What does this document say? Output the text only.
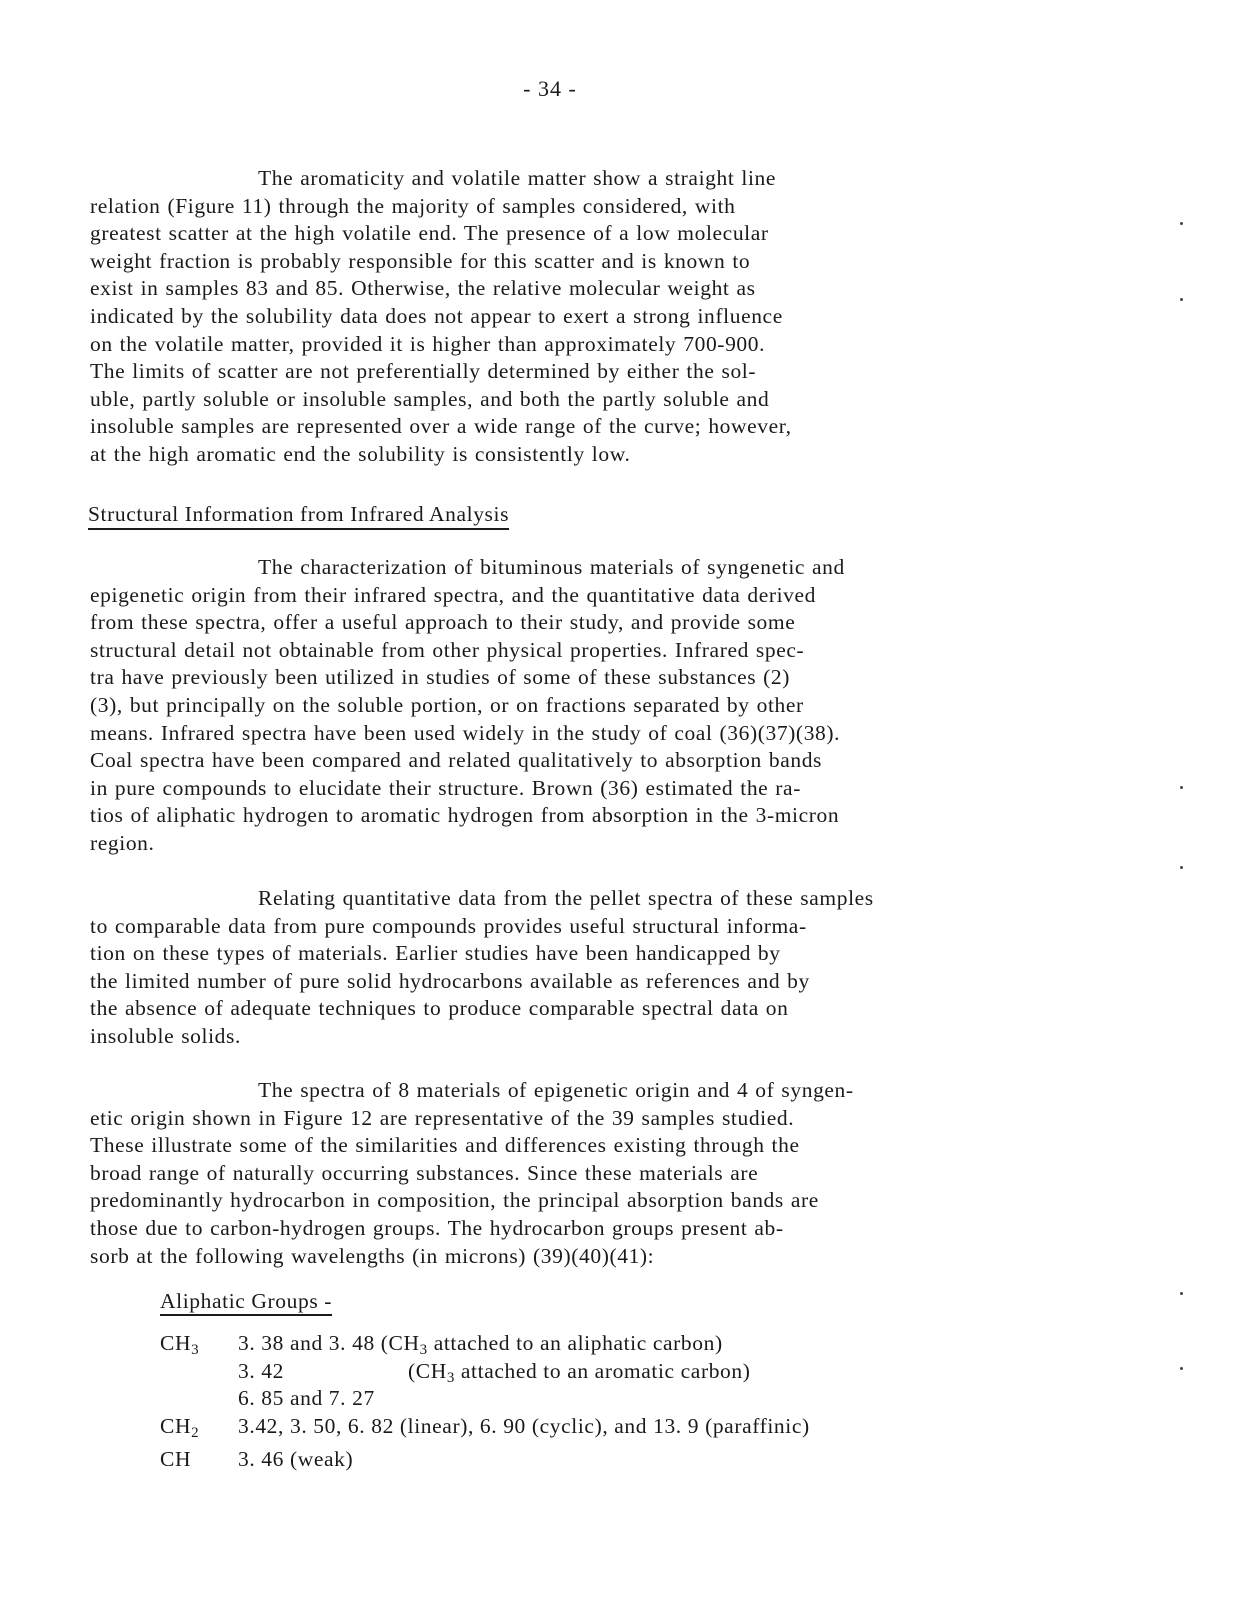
- 34 -
The aromaticity and volatile matter show a straight line
relation (Figure 11) through the majority of samples considered, with
greatest scatter at the high volatile end. The presence of a low molecular
weight fraction is probably responsible for this scatter and is known to
exist in samples 83 and 85. Otherwise, the relative molecular weight as
indicated by the solubility data does not appear to exert a strong influence
on the volatile matter, provided it is higher than approximately 700-900.
The limits of scatter are not preferentially determined by either the sol-
uble, partly soluble or insoluble samples, and both the partly soluble and
insoluble samples are represented over a wide range of the curve; however,
at the high aromatic end the solubility is consistently low.
Structural Information from Infrared Analysis
The characterization of bituminous materials of syngenetic and
epigenetic origin from their infrared spectra, and the quantitative data derived
from these spectra, offer a useful approach to their study, and provide some
structural detail not obtainable from other physical properties. Infrared spec-
tra have previously been utilized in studies of some of these substances (2)
(3), but principally on the soluble portion, or on fractions separated by other
means. Infrared spectra have been used widely in the study of coal (36)(37)(38).
Coal spectra have been compared and related qualitatively to absorption bands
in pure compounds to elucidate their structure. Brown (36) estimated the ra-
tios of aliphatic hydrogen to aromatic hydrogen from absorption in the 3-micron
region.
Relating quantitative data from the pellet spectra of these samples
to comparable data from pure compounds provides useful structural informa-
tion on these types of materials. Earlier studies have been handicapped by
the limited number of pure solid hydrocarbons available as references and by
the absence of adequate techniques to produce comparable spectral data on
insoluble solids.
The spectra of 8 materials of epigenetic origin and 4 of syngen-
etic origin shown in Figure 12 are representative of the 39 samples studied.
These illustrate some of the similarities and differences existing through the
broad range of naturally occurring substances. Since these materials are
predominantly hydrocarbon in composition, the principal absorption bands are
those due to carbon-hydrogen groups. The hydrocarbon groups present ab-
sorb at the following wavelengths (in microns) (39)(40)(41):
Aliphatic Groups -
$CH_3$ 3. 38 and 3. 48 ($CH_3$ attached to an aliphatic carbon)
3. 42	($CH_3$ attached to an aromatic carbon)
6. 85 and 7. 27
$CH_2$ 3.42, 3. 50, 6. 82 (linear), 6. 90 (cyclic), and 13. 9 (paraffinic)
CH 3. 46 (weak)
